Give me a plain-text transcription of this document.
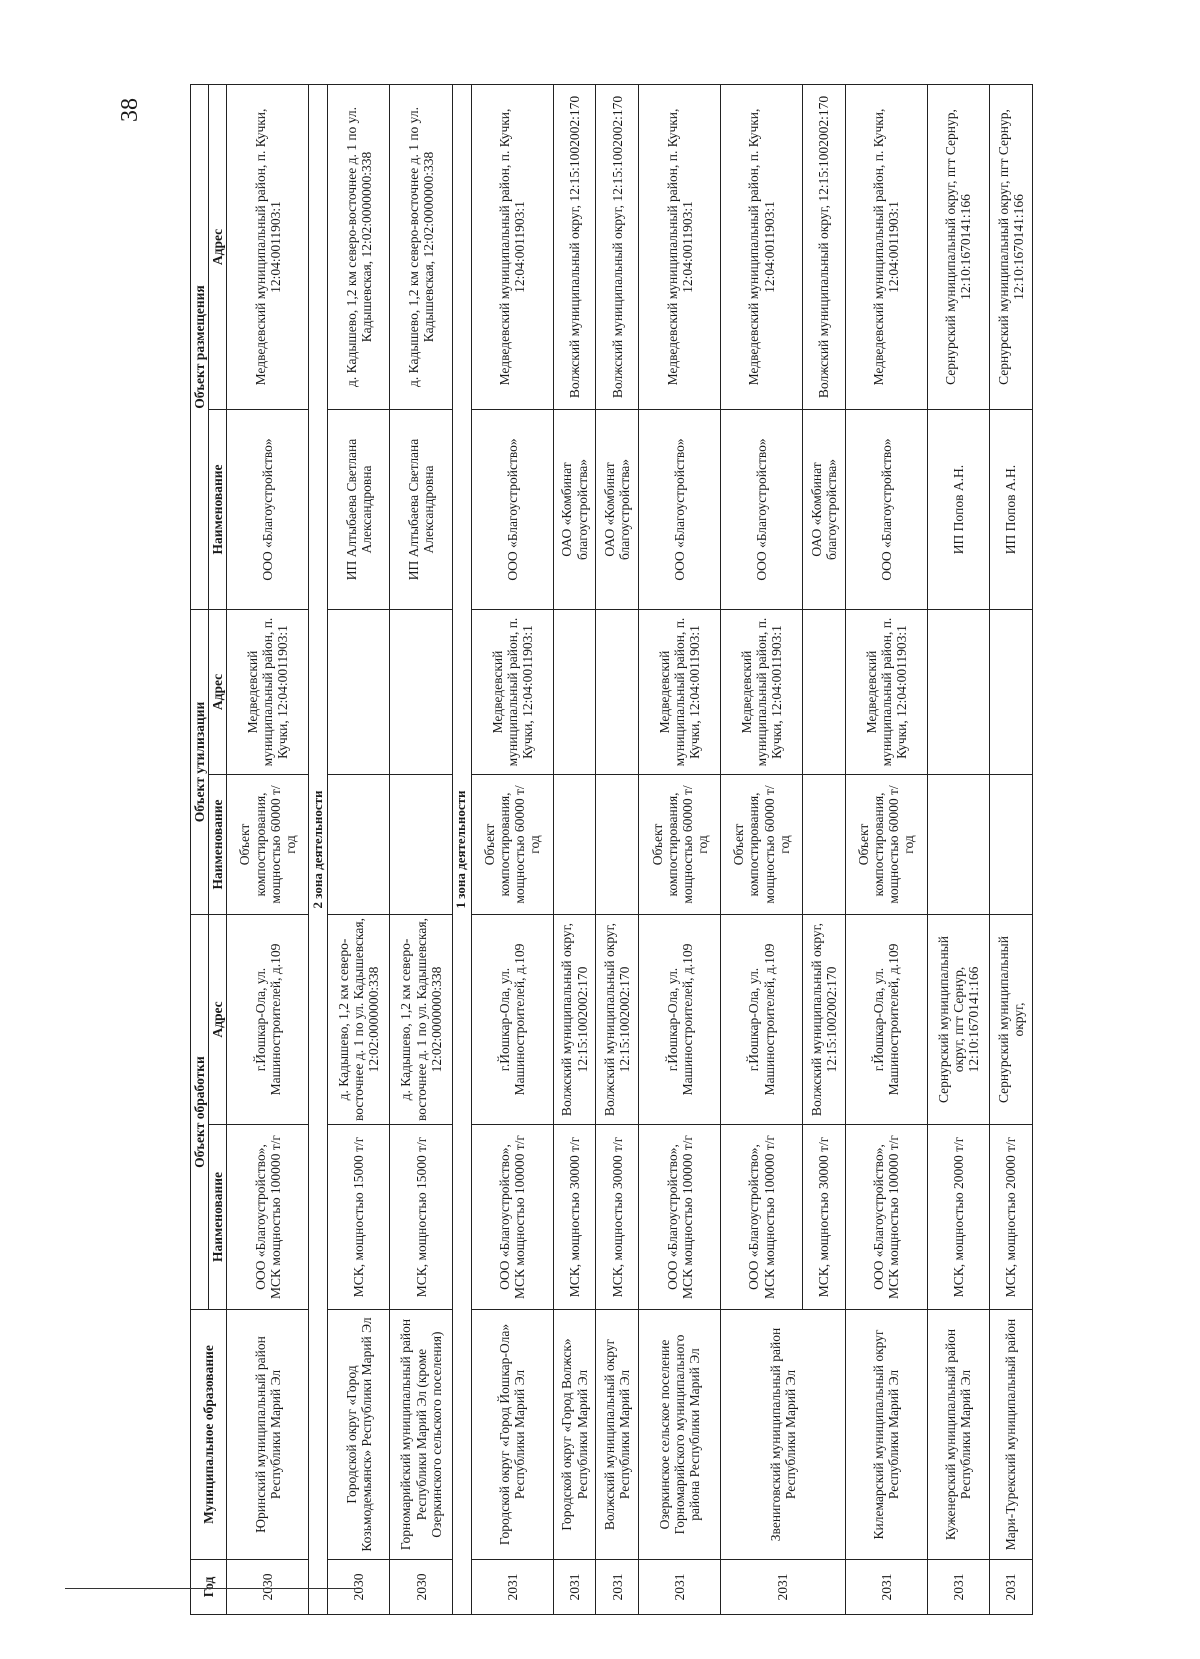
38
Год	Муниципальное образование	Объект обработки		Объект утилизации		Объект размещения	
		Наименование	Адрес	Наименование	Адрес	Наименование	Адрес
2030	Юринский муниципальный район Республики Марий Эл	ООО «Благоустройство», МСК мощностью 100000 т/г	г.Йошкар-Ола, ул. Машиностроителей, д.109	Объект компостирования, мощностью 60000 т/год	Медведевский муниципальный район, п. Кучки, 12:04:0011903:1	ООО «Благоустройство»	Медведевский муниципальный район, п. Кучки, 12:04:0011903:1
2 зона деятельности							
2030	Городской округ «Город Козьмодемьянск» Республики Марий Эл	МСК, мощностью 15000 т/г	д. Кадышево, 1,2 км северо-восточнее д. 1 по ул. Кадышевская, 12:02:0000000:338			ИП Алтыбаева Светлана Александровна	д. Кадышево, 1,2 км северо-восточнее д. 1 по ул. Кадышевская, 12:02:0000000:338
2030	Горномарийский муниципальный район Республики Марий Эл (кроме Озеркинского сельского поселения)	МСК, мощностью 15000 т/г	д. Кадышево, 1,2 км северо-восточнее д. 1 по ул. Кадышевская, 12:02:0000000:338			ИП Алтыбаева Светлана Александровна	д. Кадышево, 1,2 км северо-восточнее д. 1 по ул. Кадышевская, 12:02:0000000:338
1 зона деятельности							
2031	Городской округ «Город Йошкар-Ола» Республики Марий Эл	ООО «Благоустройство», МСК мощностью 100000 т/г	г.Йошкар-Ола, ул. Машиностроителей, д.109	Объект компостирования, мощностью 60000 т/год	Медведевский муниципальный район, п. Кучки, 12:04:0011903:1	ООО «Благоустройство»	Медведевский муниципальный район, п. Кучки, 12:04:0011903:1
2031	Городской округ «Город Волжск» Республики Марий Эл	МСК, мощностью 30000 т/г	Волжский муниципальный округ, 12:15:1002002:170			ОАО «Комбинат благоустройства»	Волжский муниципальный округ, 12:15:1002002:170
2031	Волжский муниципальный округ Республики Марий Эл	МСК, мощностью 30000 т/г	Волжский муниципальный округ, 12:15:1002002:170			ОАО «Комбинат благоустройства»	Волжский муниципальный округ, 12:15:1002002:170
2031	Озеркинское сельское поселение Горномарийского муниципального района Республики Марий Эл	ООО «Благоустройство», МСК мощностью 100000 т/г	г.Йошкар-Ола, ул. Машиностроителей, д.109	Объект компостирования, мощностью 60000 т/год	Медведевский муниципальный район, п. Кучки, 12:04:0011903:1	ООО «Благоустройство»	Медведевский муниципальный район, п. Кучки, 12:04:0011903:1
2031	Звениговский муниципальный район Республики Марий Эл	ООО «Благоустройство», МСК мощностью 100000 т/г	г.Йошкар-Ола, ул. Машиностроителей, д.109	Объект компостирования, мощностью 60000 т/год	Медведевский муниципальный район, п. Кучки, 12:04:0011903:1	ООО «Благоустройство»	Медведевский муниципальный район, п. Кучки, 12:04:0011903:1
		МСК, мощностью 30000 т/г	Волжский муниципальный округ, 12:15:1002002:170			ОАО «Комбинат благоустройства»	Волжский муниципальный округ, 12:15:1002002:170
2031	Килемарский муниципальный округ Республики Марий Эл	ООО «Благоустройство», МСК мощностью 100000 т/г	г.Йошкар-Ола, ул. Машиностроителей, д.109	Объект компостирования, мощностью 60000 т/год	Медведевский муниципальный район, п. Кучки, 12:04:0011903:1	ООО «Благоустройство»	Медведевский муниципальный район, п. Кучки, 12:04:0011903:1
2031	Куженерский муниципальный район Республики Марий Эл	МСК, мощностью 20000 т/г	Сернурский муниципальный округ, пгт Сернур, 12:10:1670141:166			ИП Попов А.Н.	Сернурский муниципальный округ, пгт Сернур, 12:10:1670141:166
2031	Мари-Турекский муниципальный район	МСК, мощностью 20000 т/г	Сернурский муниципальный округ,			ИП Попов А.Н.	Сернурский муниципальный округ, пгт Сернур, 12:10:1670141:166
